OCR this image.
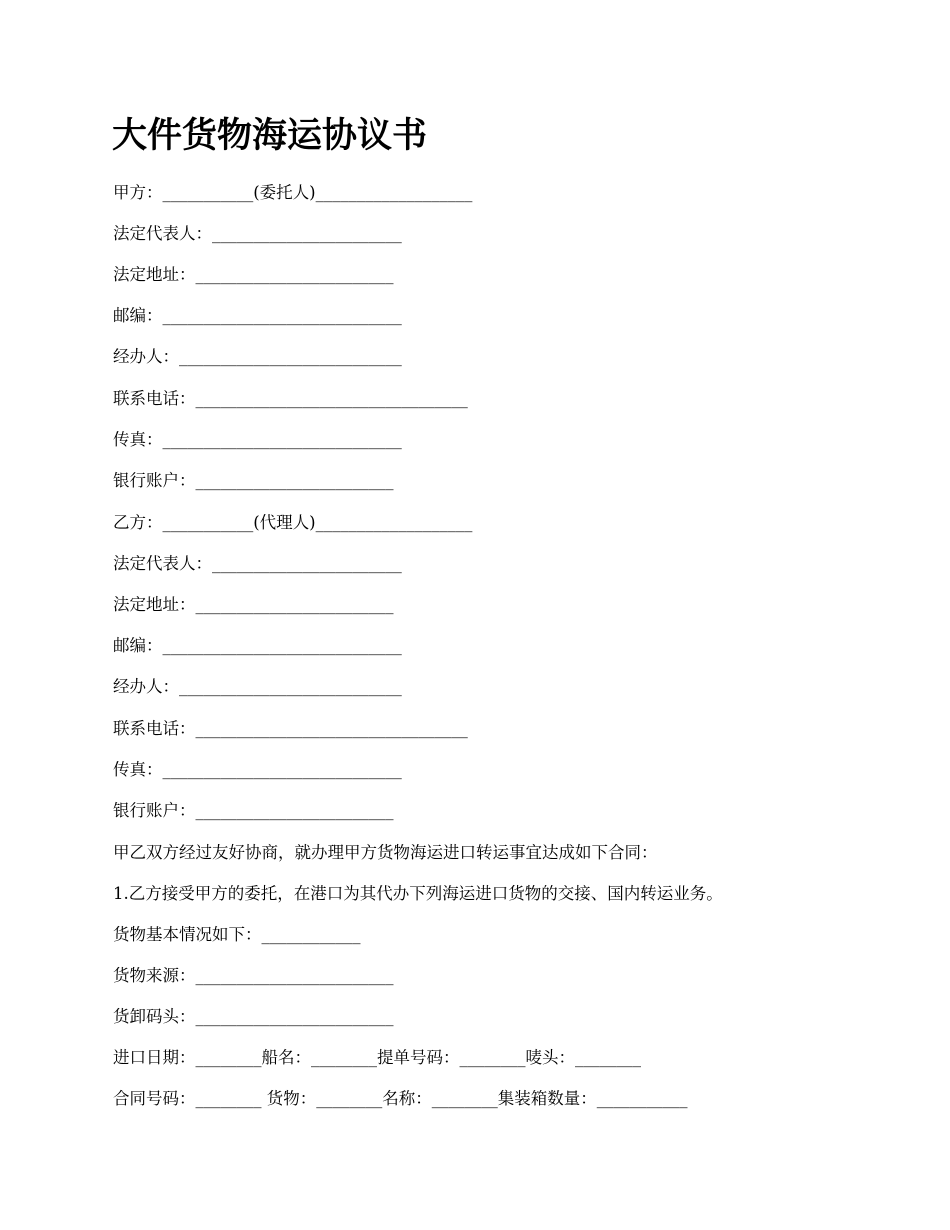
大件货物海运协议书

甲方：___________(委托人)___________________

法定代表人：_______________________

法定地址：________________________

邮编：_____________________________

经办人：___________________________

联系电话：_________________________________

传真：_____________________________

银行账户：________________________

乙方：___________(代理人)___________________

法定代表人：_______________________

法定地址：________________________

邮编：_____________________________

经办人：___________________________

联系电话：_________________________________

传真：_____________________________

银行账户：________________________

甲乙双方经过友好协商，就办理甲方货物海运进口转运事宜达成如下合同：

1.乙方接受甲方的委托，在港口为其代办下列海运进口货物的交接、国内转运业务。

货物基本情况如下：____________

货物来源：________________________

货卸码头：________________________

进口日期：________船名：________提单号码：________唛头：________

合同号码：________ 货物：________名称：________集装箱数量：___________
